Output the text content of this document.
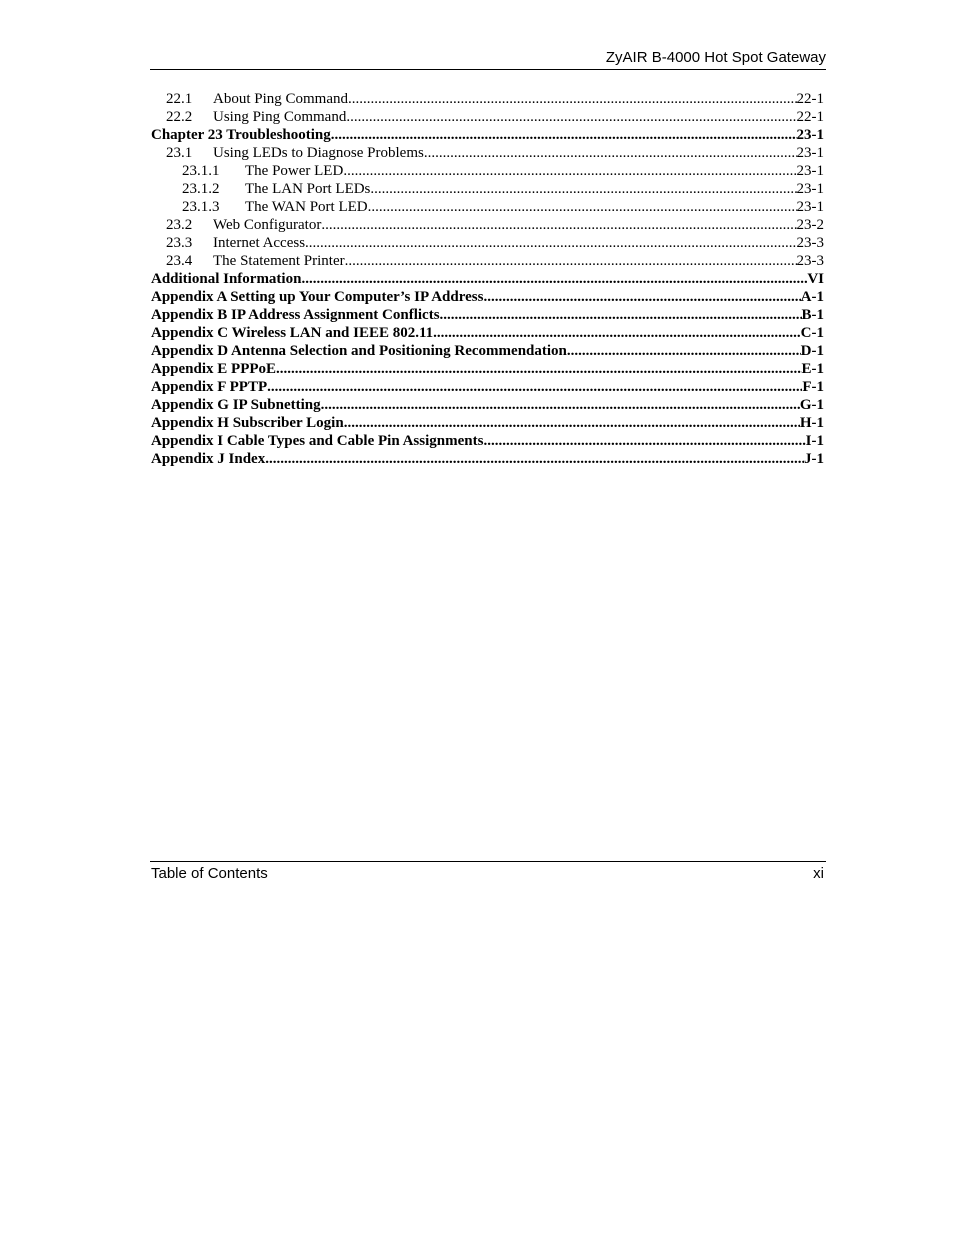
ZyAIR B-4000 Hot Spot Gateway
22.1	About Ping Command .....	22-1
22.2	Using Ping Command .....	22-1
Chapter 23 Troubleshooting .....	23-1
23.1	Using LEDs to Diagnose Problems .....	23-1
23.1.1	The Power LED .....	23-1
23.1.2	The LAN Port LEDs .....	23-1
23.1.3	The WAN Port LED .....	23-1
23.2	Web Configurator .....	23-2
23.3	Internet Access .....	23-3
23.4	The Statement Printer .....	23-3
Additional Information .....	VI
Appendix A Setting up Your Computer’s IP Address .....	A-1
Appendix B IP Address Assignment Conflicts .....	B-1
Appendix C Wireless LAN and IEEE 802.11 .....	C-1
Appendix D Antenna Selection and Positioning Recommendation .....	D-1
Appendix E PPPoE .....	E-1
Appendix F PPTP .....	F-1
Appendix G IP Subnetting .....	G-1
Appendix H Subscriber Login .....	H-1
Appendix I Cable Types and Cable Pin Assignments .....	I-1
Appendix J Index .....	J-1
Table of Contents	xi
